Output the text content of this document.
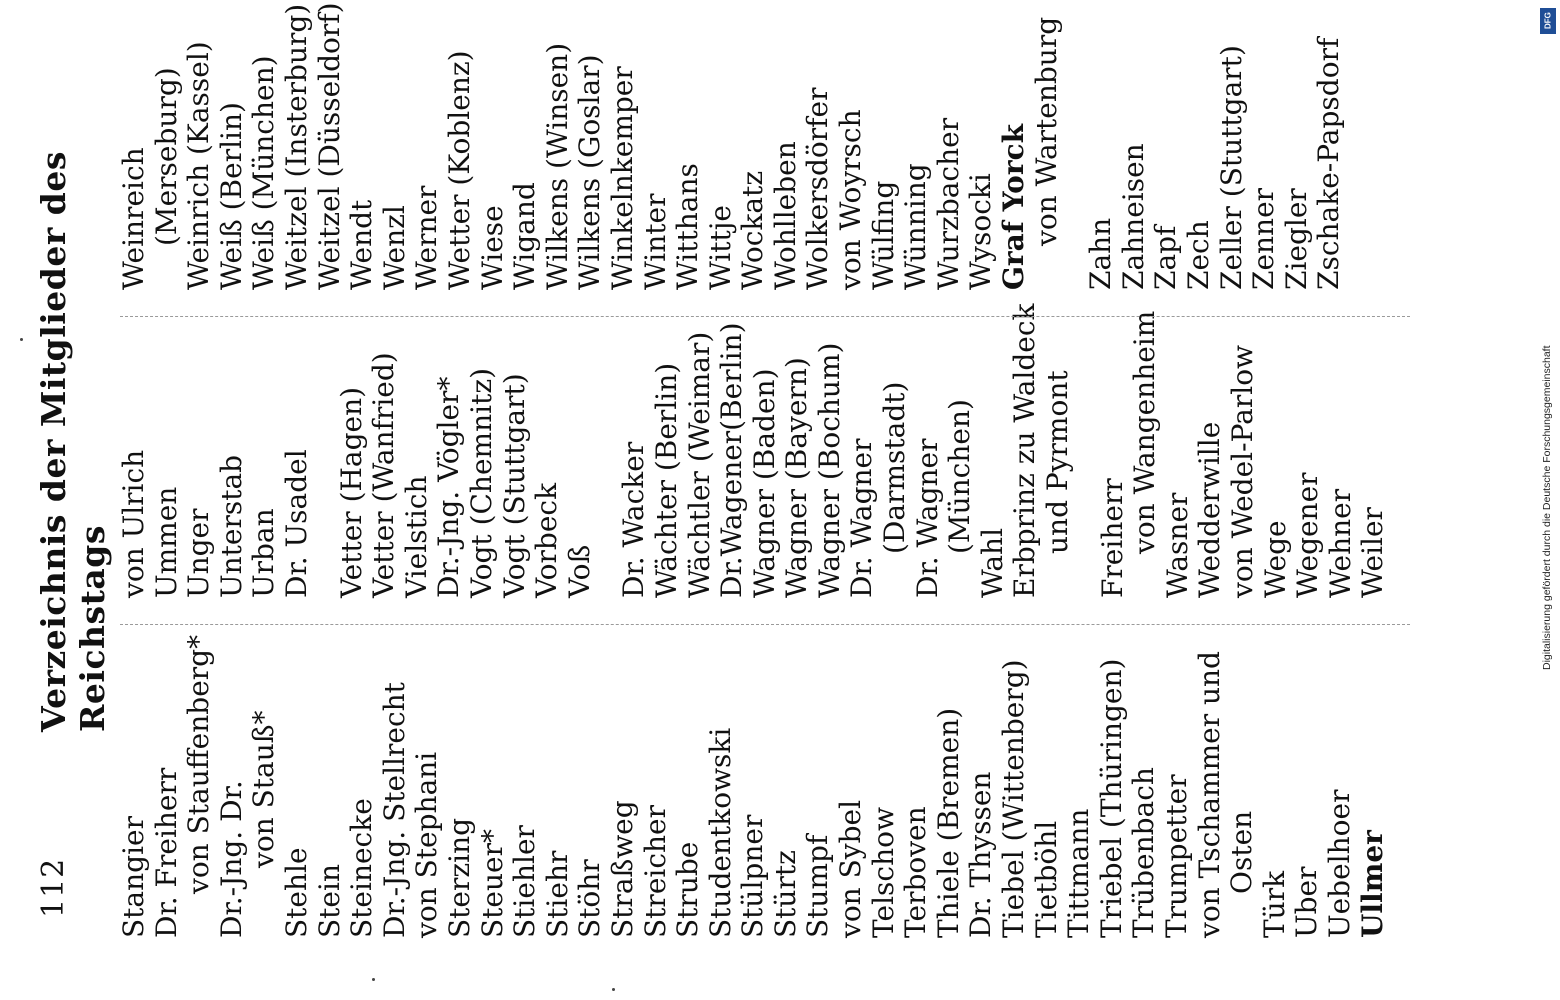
112
Verzeichnis der Mitglieder des Reichstags
Stangier Dr. Freiherr von Stauffenberg* Dr.-Jng. Dr. von Stauß*
Stehle Stein Steinecke Dr.-Jng. Stellrecht von Stephani Sterzing Steuer* Stiehler Stiehr Stöhr Straßweg Streicher Strube Studentkowski Stülpner Stürtz Stumpf von Sybel Telschow Terboven Thiele (Bremen) Dr. Thyssen Tiebel (Wittenberg) Tietböhl Tittmann Triebel (Thüringen) Trübenbach Trumpetter von Tschammer und Osten
Türk Uber Uebelhoer Ullmer
von Ulrich Ummen Unger Unterstab Urban Dr. Usadel Vetter (Hagen) Vetter (Wanfried) Vielstich Dr.-Jng. Vögler* Vogt (Chemnitz) Vogt (Stuttgart) Vorbeck Voß Dr. Wacker Wächter (Berlin) Wächtler (Weimar) Dr.Wagener(Berlin) Wagner (Baden) Wagner (Bayern) Wagner (Bochum) Dr. Wagner (Darmstadt) Dr. Wagner (München)
Wahl Erbprinz zu Waldeck und Pyrmont Freiherr von Wangenheim Wasner Wedderwille von Wedel-Parlow Wege Wegener Wehner Weiler
Weinreich (Merseburg) Weinrich (Kassel) Weiß (Berlin) Weiß (München) Weitzel (Insterburg) Weitzel (Düsseldorf) Wendt Wenzl Werner Wetter (Koblenz) Wiese Wigand Wilkens (Winsen) Wilkens (Goslar) Winkelnkemper Winter Witthans Wittje Wockatz Wohlleben Wolkersdörfer von Woyrsch Wülfing Wünning Wurzbacher Wysocki Graf Yorck von Wartenburg
Zahn Zahneisen Zapf Zech Zeller (Stuttgart) Zenner Ziegler Zschake-Papsdorf
DFG
Digitalisierung gefördert durch die Deutsche Forschungsgemeinschaft
